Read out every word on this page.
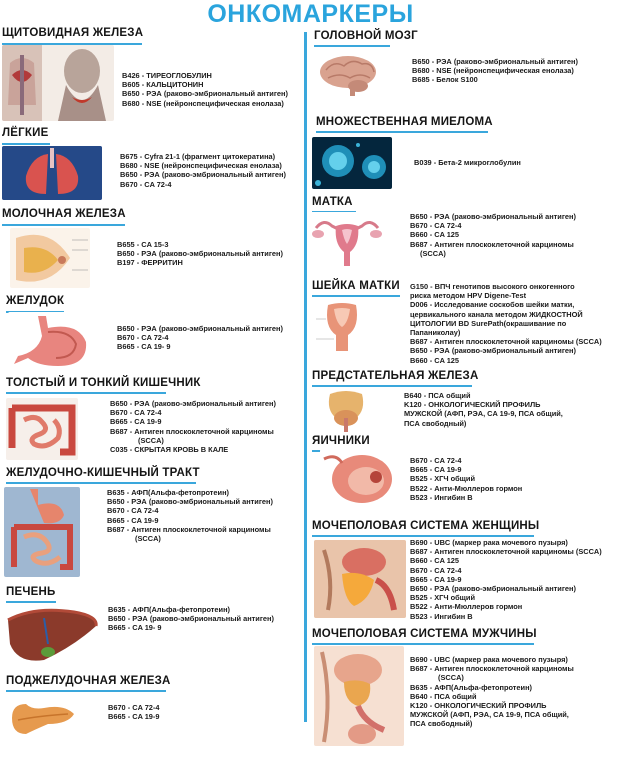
ОНКОМАРКЕРЫ
ЩИТОВИДНАЯ ЖЕЛЕЗА
B426 - ТИРЕОГЛОБУЛИН
B605 - КАЛЬЦИТОНИН
B650 - РЭА (раково-эмбриональный антиген)
B680 - NSE (нейронспецифическая енолаза)
ЛЁГКИЕ
B675 - Cyfra 21-1 (фрагмент цитокератина)
B680 - NSE (нейронспецифическая енолаза)
B650 - РЭА (раково-эмбриональный антиген)
B670 - CA 72-4
МОЛОЧНАЯ ЖЕЛЕЗА
B655 - CA 15-3
B650 - РЭА (раково-эмбриональный антиген)
B197 - ФЕРРИТИН
ЖЕЛУДОК
B650 - РЭА (раково-эмбриональный антиген)
B670 - CA 72-4
B665 - CA 19- 9
ТОЛСТЫЙ И ТОНКИЙ КИШЕЧНИК
B650 - РЭА (раково-эмбриональный антиген)
B670 - CA 72-4
B665 - CA 19-9
B687 - Антиген плоскоклеточной карциномы
(SCCA)
C035 - СКРЫТАЯ КРОВЬ В КАЛЕ
ЖЕЛУДОЧНО-КИШЕЧНЫЙ ТРАКТ
B635 - АФП(Альфа-фетопротеин)
B650 - РЭА (раково-эмбриональный антиген)
B670 - CA 72-4
B665 - CA 19-9
B687 - Антиген плоскоклеточной карциномы
(SCCA)
ПЕЧЕНЬ
B635 - АФП(Альфа-фетопротеин)
B650 - РЭА (раково-эмбриональный антиген)
B665 - CA 19- 9
ПОДЖЕЛУДОЧНАЯ ЖЕЛЕЗА
B670 - CA 72-4
B665 - CA 19-9
ГОЛОВНОЙ МОЗГ
B650 - РЭА (раково-эмбриональный антиген)
B680 - NSE (нейронспецифическая енолаза)
B685 - Белок S100
МНОЖЕСТВЕННАЯ МИЕЛОМА
B039 - Бета-2 микроглобулин
МАТКА
B650 - РЭА (раково-эмбриональный антиген)
B670 - CA 72-4
B660 - CA 125
B687 - Антиген плоскоклеточной карциномы
(SCCA)
ШЕЙКА МАТКИ G150 - ВПЧ генотипов высокого онкогенного
риска методом HPV Digene-Test
D006 - Исследование соскобов шейки матки,
цервикального канала методом ЖИДКОСТНОЙ
ЦИТОЛОГИИ BD SurePath(окрашивание по
Папаниколау)
B687 - Антиген плоскоклеточной карциномы (SCCA)
B650 - РЭА (раково-эмбриональный антиген)
B660 - CA 125
ПРЕДСТАТЕЛЬНАЯ ЖЕЛЕЗА
B640 - ПСА общий
K120 - ОНКОЛОГИЧЕСКИЙ ПРОФИЛЬ
МУЖСКОЙ (АФП, РЭА, CA 19-9, ПСА общий,
ПСА свободный)
ЯИЧНИКИ
B670 - CA 72-4
B665 - CA 19-9
B525 - ХГЧ общий
B522 - Анти-Мюллеров гормон
B523 - Ингибин В
МОЧЕПОЛОВАЯ СИСТЕМА ЖЕНЩИНЫ
B690 - UBC (маркер рака мочевого пузыря)
B687 - Антиген плоскоклеточной карциномы (SCCA)
B660 - CA 125
B670 - CA 72-4
B665 - CA 19-9
B650 - РЭА (раково-эмбриональный антиген)
B525 - ХГЧ общий
B522 - Анти-Мюллеров гормон
B523 - Ингибин В
МОЧЕПОЛОВАЯ СИСТЕМА МУЖЧИНЫ
B690 - UBC (маркер рака мочевого пузыря)
B687 - Антиген плоскоклеточной карциномы
(SCCA)
B635 - АФП(Альфа-фетопротеин)
B640 - ПСА общий
K120 - ОНКОЛОГИЧЕСКИЙ ПРОФИЛЬ
МУЖСКОЙ (АФП, РЭА, CA 19-9, ПСА общий,
ПСА свободный)
